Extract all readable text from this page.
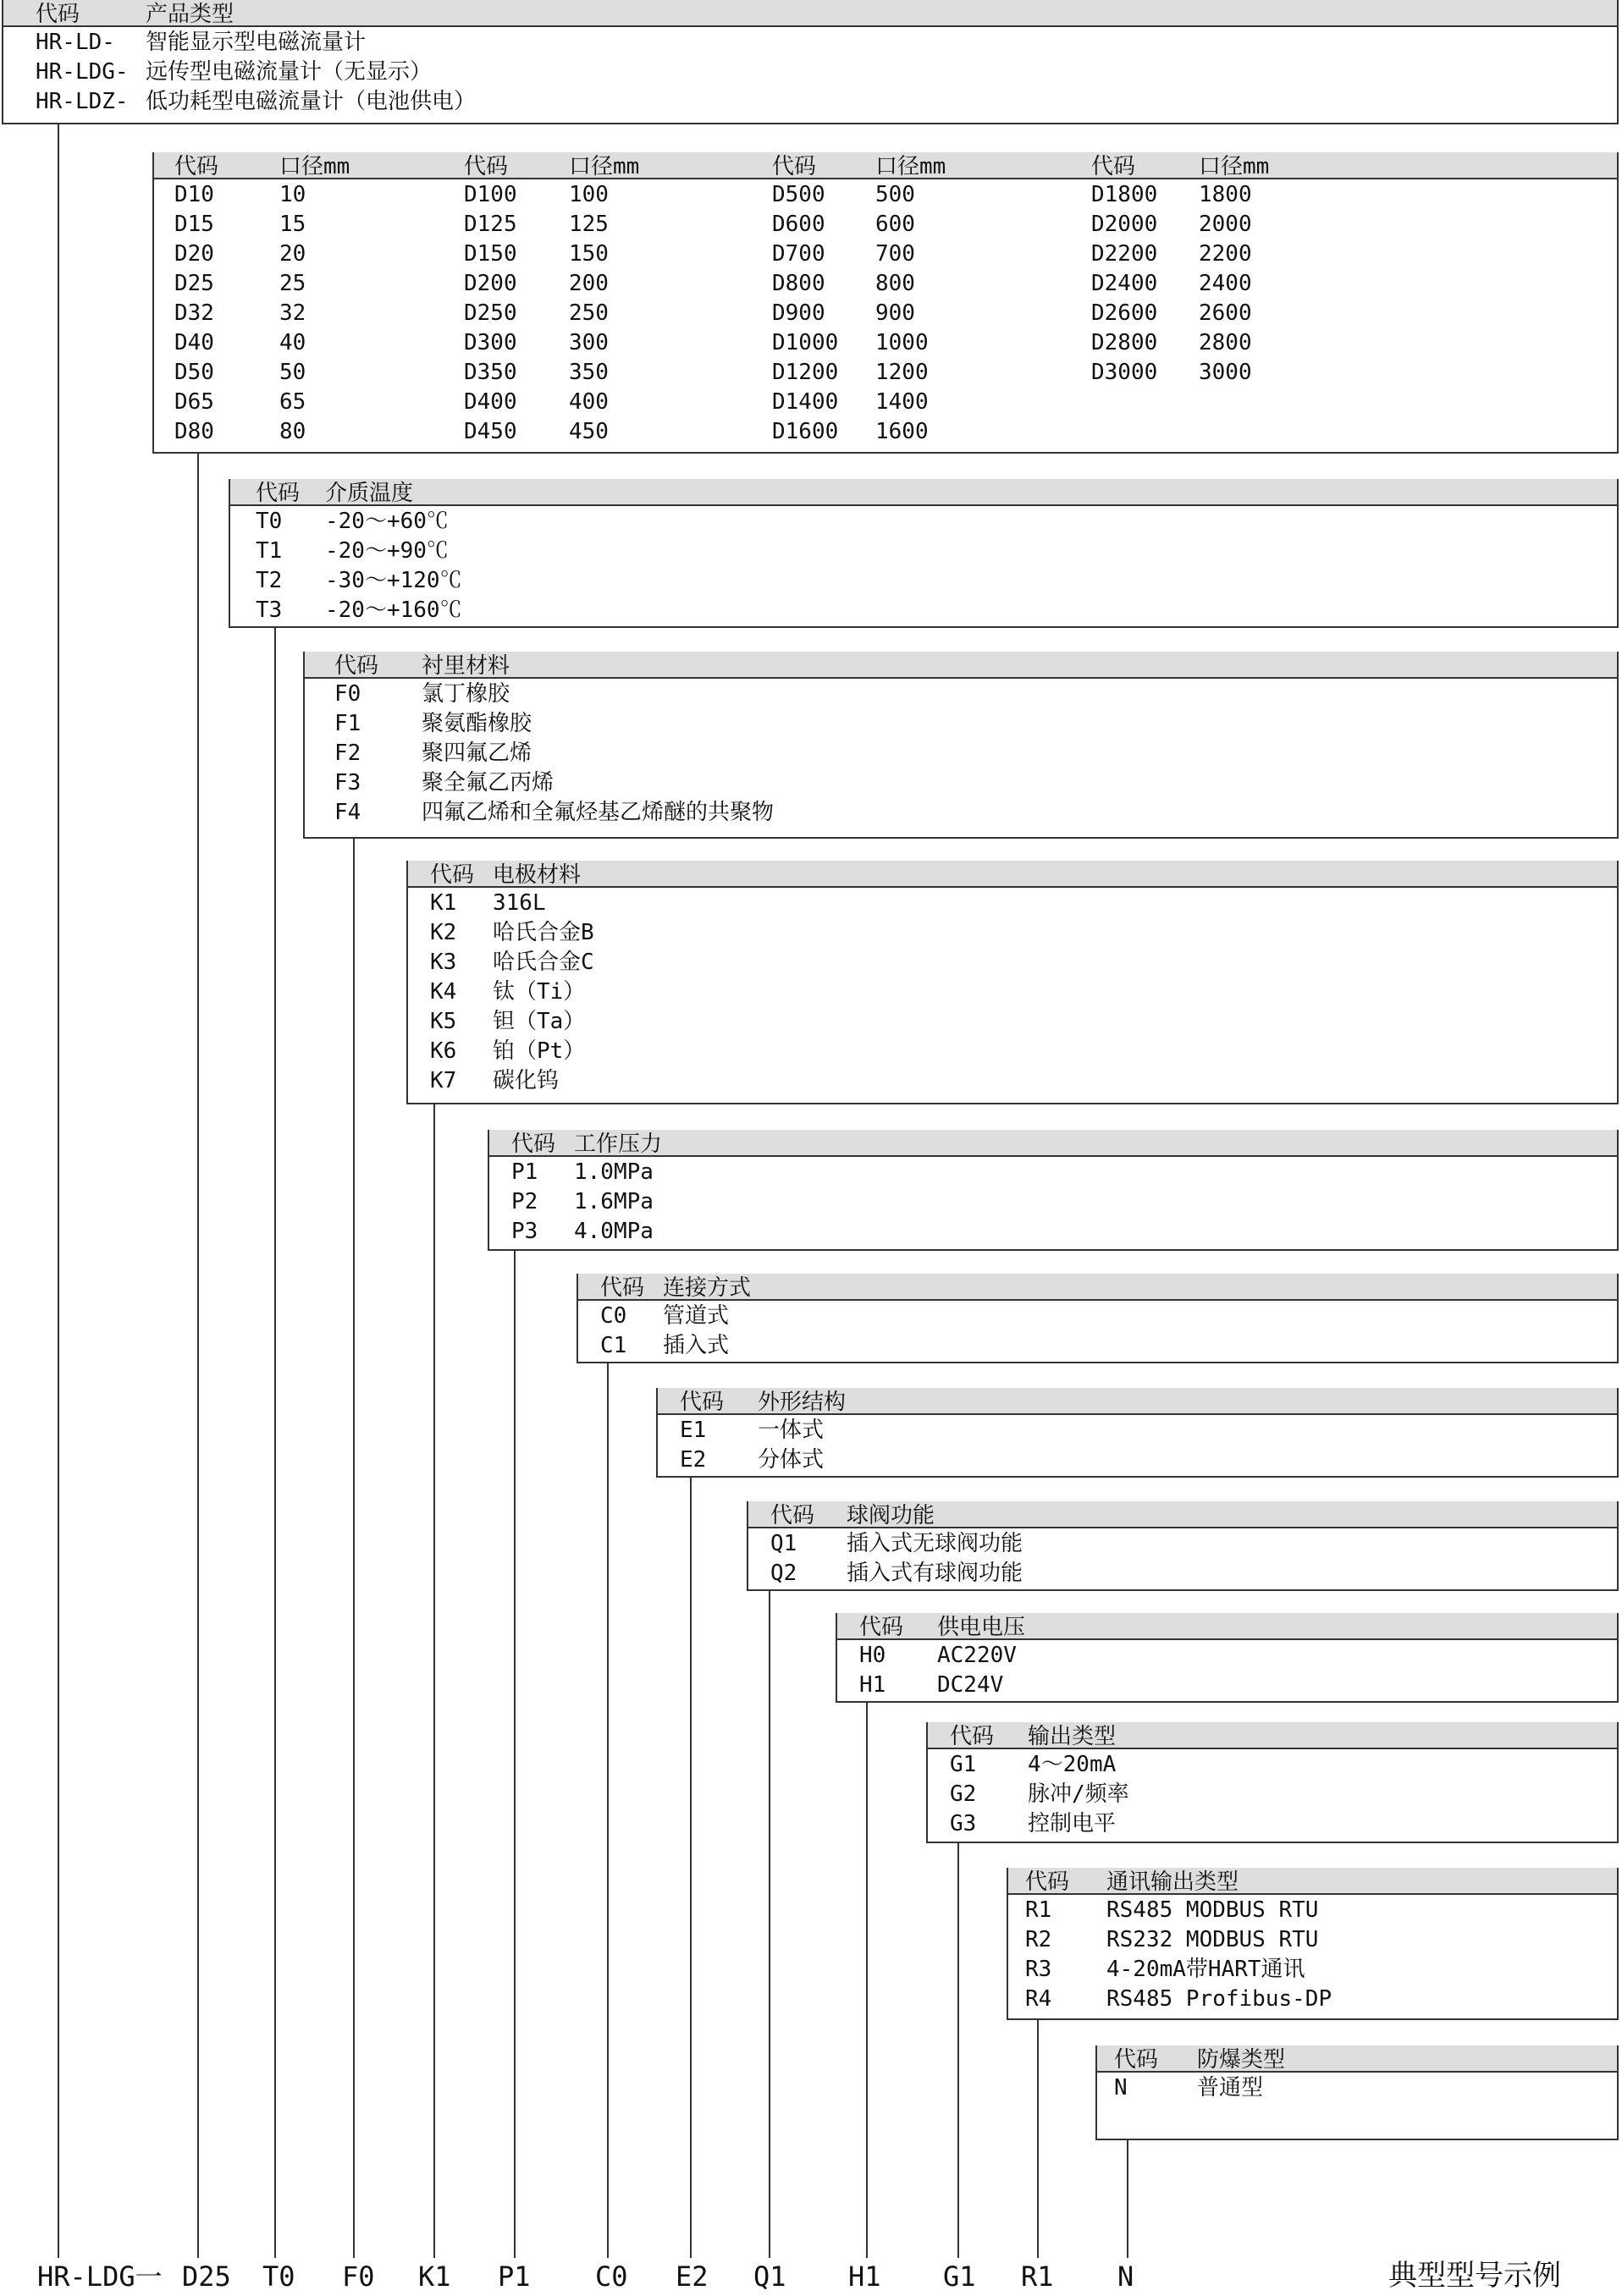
代码	产品类型
HR-LD- 智能显示型电磁流量计
HR-LDG- 远传型电磁流量计（无显示）
HR-LDZ- 低功耗型电磁流量计（电池供电）
代码	口径mm	代码	口径mm	代码	口径mm	代码	口径mm
D10	10	D100 100	D500 500	D1800 1800
D15	15	D125 125	D600 600	D2000 2000
D20	20	D150 150	D700 700	D2200 2200
D25	25	D200 200	D800 800	D2400 2400
D32	32	D250 250	D900 900	D2600 2600
D40	40	D300 300	D1000 1000	D2800 2800
D50	50	D350 350	D1200 1200	D3000 3000
D65	65	D400 400	D1400 1400
D80	80	D450 450	D1600 1600
代码 介质温度
T0 -20～+60℃
T1 -20～+90℃
T2 -30～+120℃
T3 -20～+160℃
代码 衬里材料
F0	氯丁橡胶
F1	聚氨酯橡胶
F2	聚四氟乙烯
F3	聚全氟乙丙烯
F4	四氟乙烯和全氟烃基乙烯醚的共聚物
代码 电极材料
K1 316L
K2 哈氏合金B
K3 哈氏合金C
K4 钛（Ti）
K5 钽（Ta）
K6 铂（Pt）
K7 碳化钨
代码 工作压力
P1 1.0MPa
P2 1.6MPa
P3 4.0MPa
代码 连接方式
C0 管道式
C1 插入式
代码 外形结构
E1 一体式
E2 分体式
代码 球阀功能
Q1 插入式无球阀功能
Q2 插入式有球阀功能
代码 供电电压
H0 AC220V
H1 DC24V
代码 输出类型
G1 4～20mA
G2 脉冲/频率
G3 控制电平
代码 通讯输出类型
R1 RS485 MODBUS RTU
R2 RS232 MODBUS RTU
R3 4-20mA带HART通讯
R4 RS485 Profibus-DP
代码 防爆类型
N	普通型
HR-LDG一 D25 T0 F0 K1 P1 C0 E2 Q1 H1 G1 R1 N	典型型号示例
